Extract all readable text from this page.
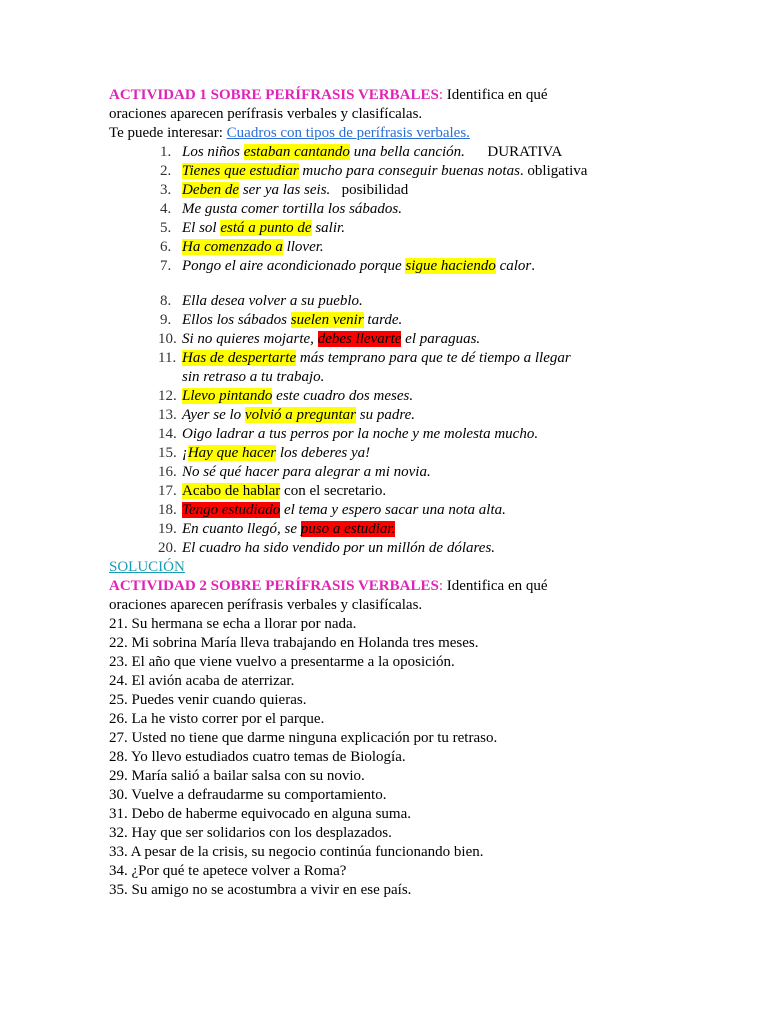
ACTIVIDAD 1 SOBRE PERÍFRASIS VERBALES: Identifica en qué
oraciones aparecen perífrasis verbales y clasifícalas.
Te puede interesar: Cuadros con tipos de perífrasis verbales.
1. Los niños estaban cantando una bella canción.      DURATIVA
2. Tienes que estudiar mucho para conseguir buenas notas. obligativa
3. Deben de ser ya las seis.   posibilidad
4. Me gusta comer tortilla los sábados.
5. El sol está a punto de salir.
6. Ha comenzado a llover.
7. Pongo el aire acondicionado porque sigue haciendo calor.
8. Ella desea volver a su pueblo.
9. Ellos los sábados suelen venir tarde.
10. Si no quieres mojarte, debes llevarte el paraguas.
11. Has de despertarte más temprano para que te dé tiempo a llegar
sin retraso a tu trabajo.
12. Llevo pintando este cuadro dos meses.
13. Ayer se lo volvió a preguntar su padre.
14. Oigo ladrar a tus perros por la noche y me molesta mucho.
15. ¡Hay que hacer los deberes ya!
16. No sé qué hacer para alegrar a mi novia.
17. Acabo de hablar con el secretario.
18. Tengo estudiado el tema y espero sacar una nota alta.
19. En cuanto llegó, se puso a estudiar.
20. El cuadro ha sido vendido por un millón de dólares.
SOLUCIÓN
ACTIVIDAD 2 SOBRE PERÍFRASIS VERBALES: Identifica en qué
oraciones aparecen perífrasis verbales y clasifícalas.
21. Su hermana se echa a llorar por nada.
22. Mi sobrina María lleva trabajando en Holanda tres meses.
23. El año que viene vuelvo a presentarme a la oposición.
24. El avión acaba de aterrizar.
25. Puedes venir cuando quieras.
26. La he visto correr por el parque.
27. Usted no tiene que darme ninguna explicación por tu retraso.
28. Yo llevo estudiados cuatro temas de Biología.
29. María salió a bailar salsa con su novio.
30. Vuelve a defraudarme su comportamiento.
31. Debo de haberme equivocado en alguna suma.
32. Hay que ser solidarios con los desplazados.
33. A pesar de la crisis, su negocio continúa funcionando bien.
34. ¿Por qué te apetece volver a Roma?
35. Su amigo no se acostumbra a vivir en ese país.
